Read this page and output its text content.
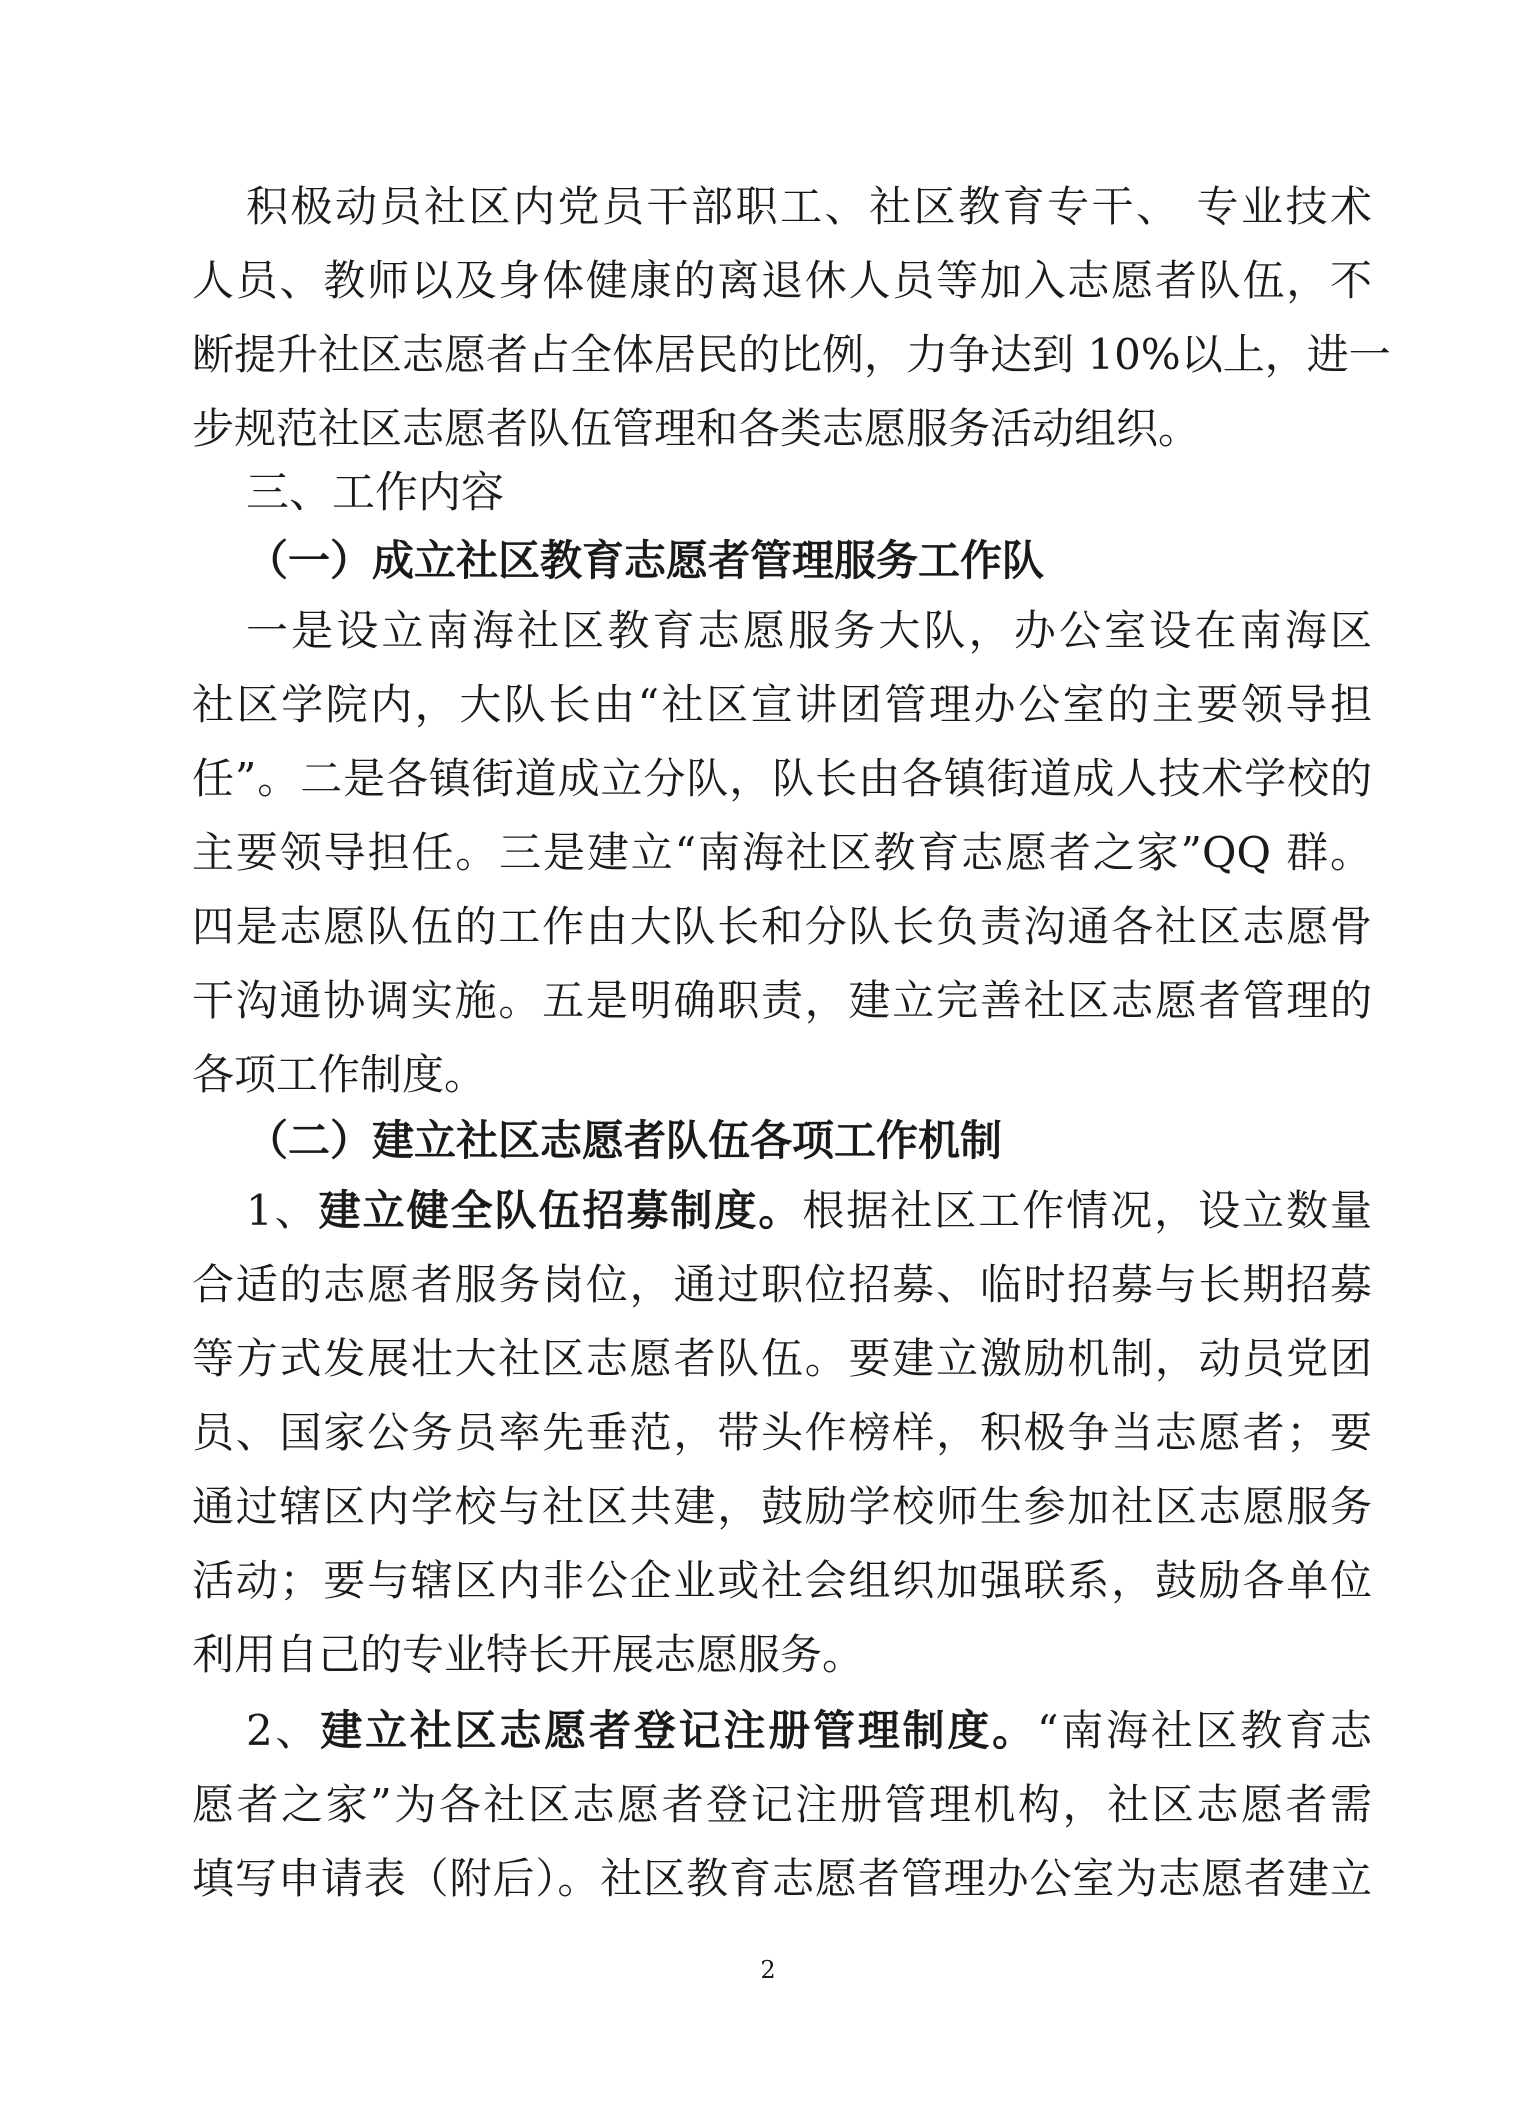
积极动员社区内党员干部职工、社区教育专干、 专业技术
人员、教师以及身体健康的离退休人员等加入志愿者队伍，不
断提升社区志愿者占全体居民的比例，力争达到 10%以上，进一
步规范社区志愿者队伍管理和各类志愿服务活动组织。
三、工作内容
（一）成立社区教育志愿者管理服务工作队
一是设立南海社区教育志愿服务大队，办公室设在南海区
社区学院内，大队长由“社区宣讲团管理办公室的主要领导担
任”。二是各镇街道成立分队，队长由各镇街道成人技术学校的
主要领导担任。三是建立“南海社区教育志愿者之家”QQ 群。
四是志愿队伍的工作由大队长和分队长负责沟通各社区志愿骨
干沟通协调实施。五是明确职责，建立完善社区志愿者管理的
各项工作制度。
（二）建立社区志愿者队伍各项工作机制
1、建立健全队伍招募制度。根据社区工作情况，设立数量
合适的志愿者服务岗位，通过职位招募、临时招募与长期招募
等方式发展壮大社区志愿者队伍。要建立激励机制，动员党团
员、国家公务员率先垂范，带头作榜样，积极争当志愿者；要
通过辖区内学校与社区共建，鼓励学校师生参加社区志愿服务
活动；要与辖区内非公企业或社会组织加强联系，鼓励各单位
利用自己的专业特长开展志愿服务。
2、建立社区志愿者登记注册管理制度。“南海社区教育志
愿者之家”为各社区志愿者登记注册管理机构，社区志愿者需
填写申请表（附后）。社区教育志愿者管理办公室为志愿者建立
2
